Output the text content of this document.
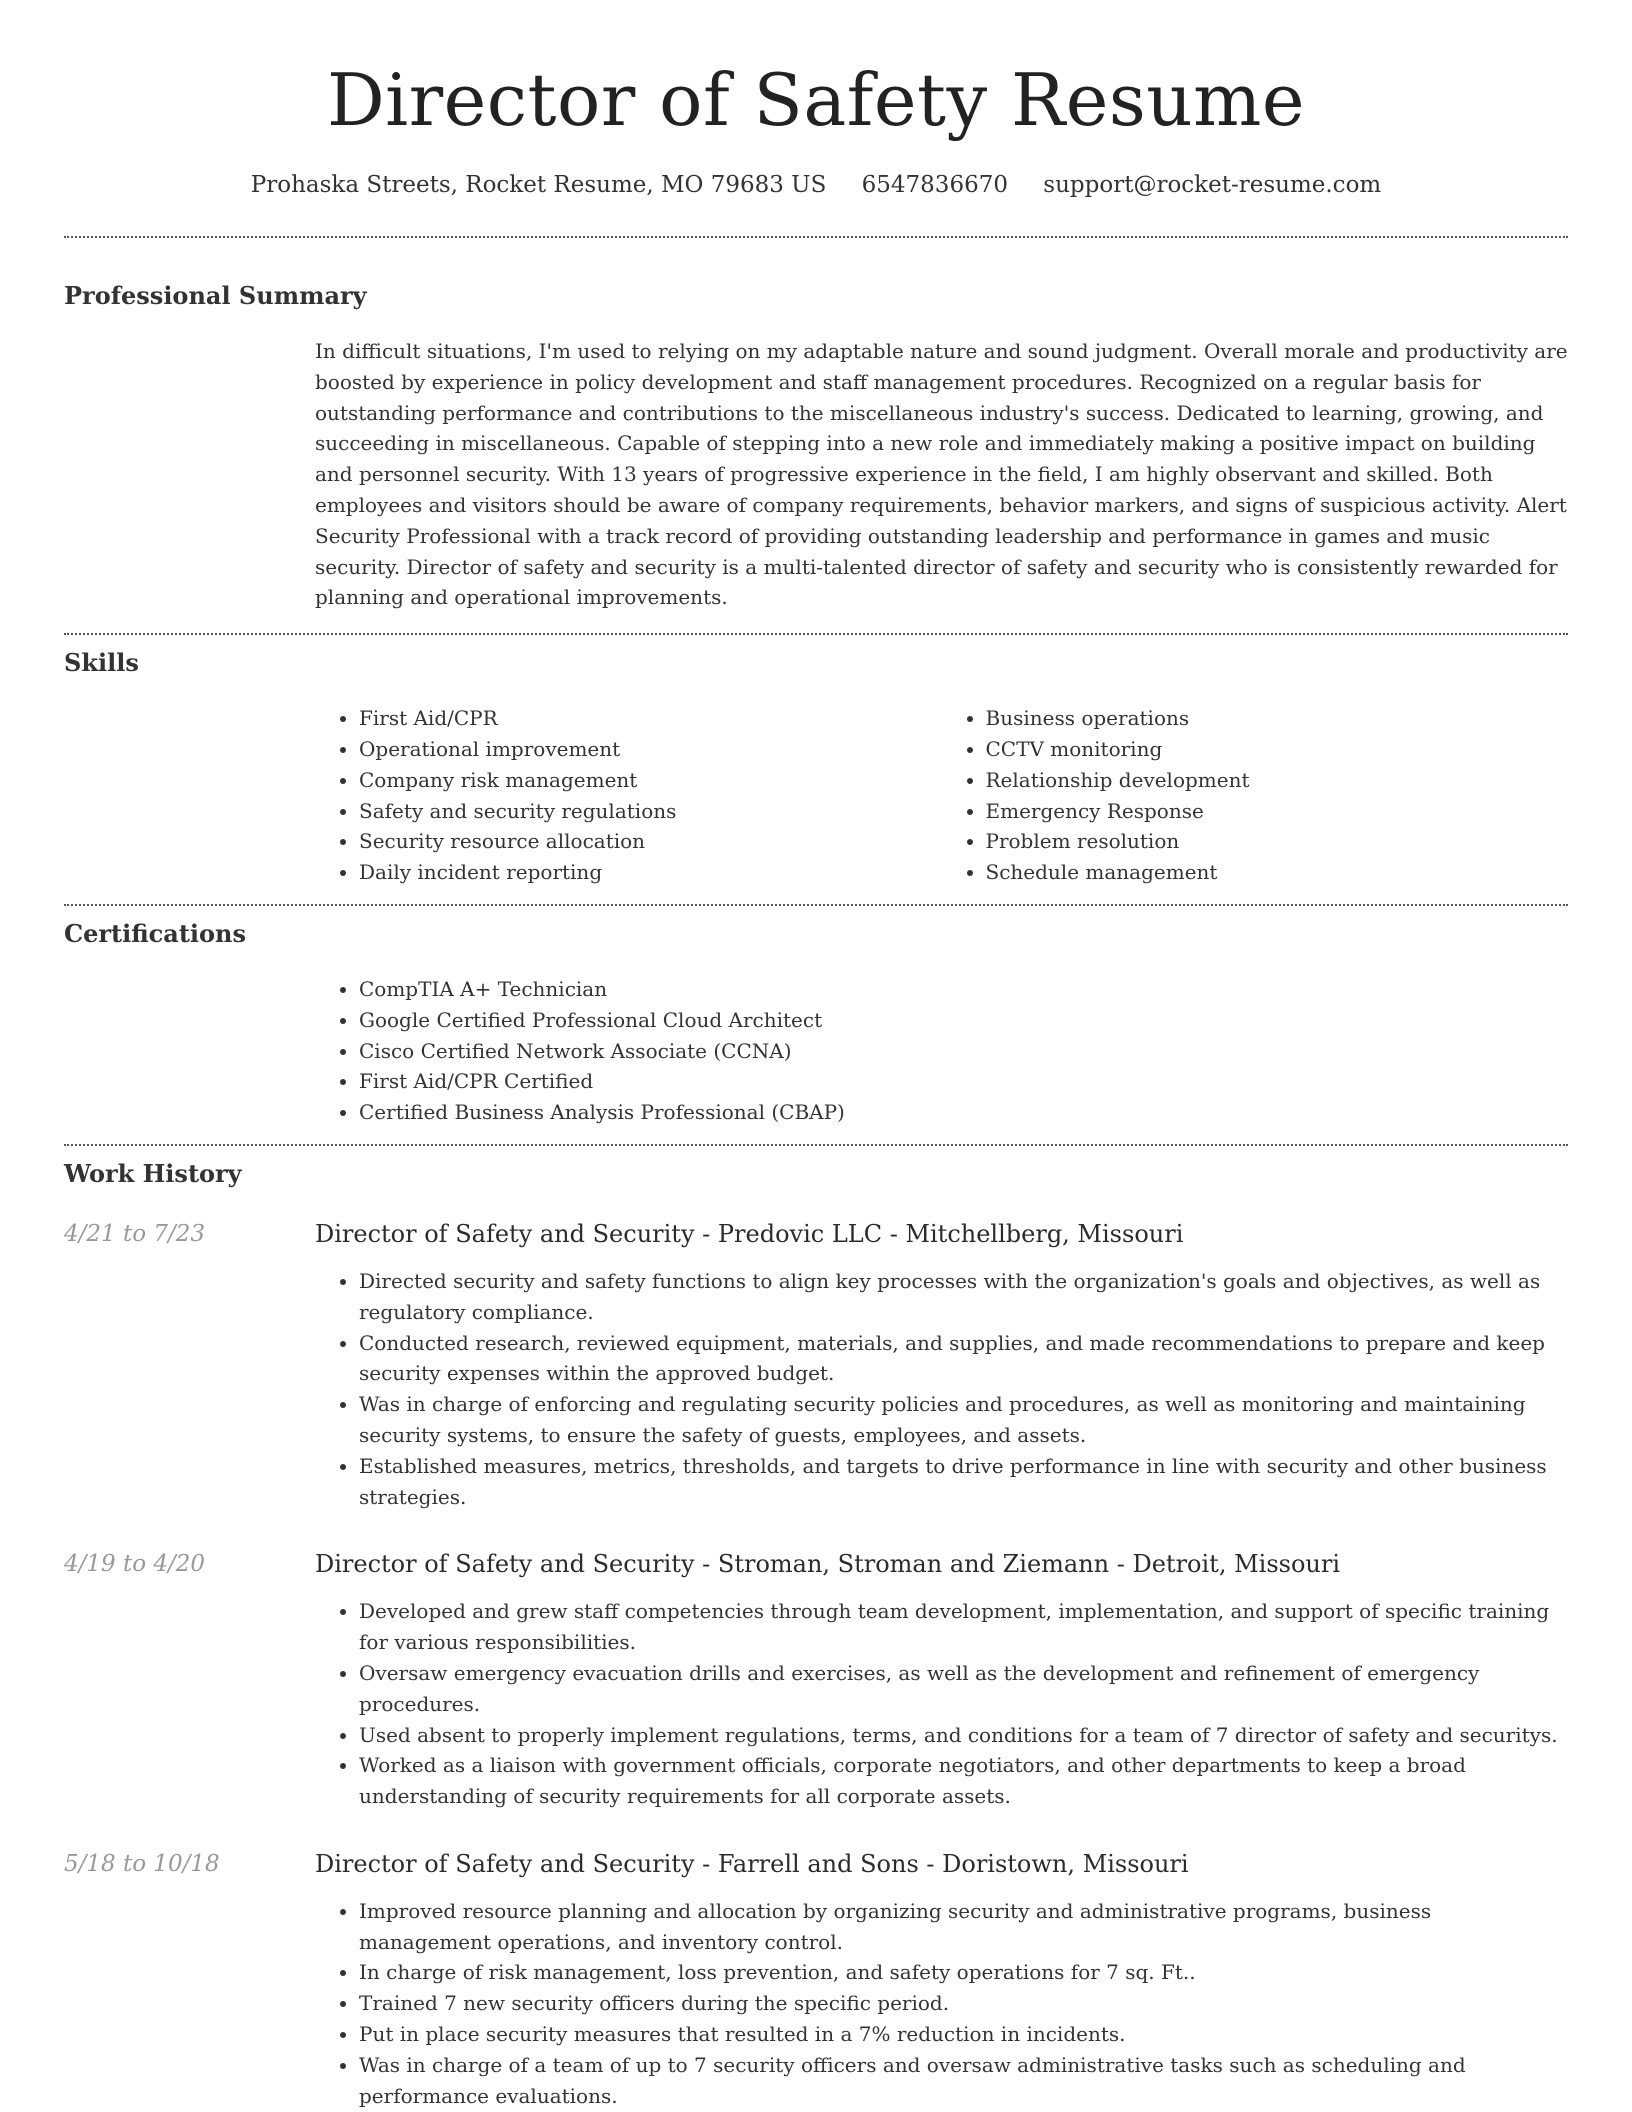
Director of Safety Resume
Prohaska Streets, Rocket Resume, MO 79683 US 6547836670 support@rocket-resume.com
Professional Summary
In difficult situations, I'm used to relying on my adaptable nature and sound judgment. Overall morale and productivity are boosted by experience in policy development and staff management procedures. Recognized on a regular basis for outstanding performance and contributions to the miscellaneous industry's success. Dedicated to learning, growing, and succeeding in miscellaneous. Capable of stepping into a new role and immediately making a positive impact on building and personnel security. With 13 years of progressive experience in the field, I am highly observant and skilled. Both employees and visitors should be aware of company requirements, behavior markers, and signs of suspicious activity. Alert Security Professional with a track record of providing outstanding leadership and performance in games and music security. Director of safety and security is a multi-talented director of safety and security who is consistently rewarded for planning and operational improvements.
Skills
• First Aid/CPR
• Operational improvement
• Company risk management
• Safety and security regulations
• Security resource allocation
• Daily incident reporting
• Business operations
• CCTV monitoring
• Relationship development
• Emergency Response
• Problem resolution
• Schedule management
Certifications
• CompTIA A+ Technician
• Google Certified Professional Cloud Architect
• Cisco Certified Network Associate (CCNA)
• First Aid/CPR Certified
• Certified Business Analysis Professional (CBAP)
Work History
4/21 to 7/23	Director of Safety and Security - Predovic LLC - Mitchellberg, Missouri
• Directed security and safety functions to align key processes with the organization's goals and objectives, as well as regulatory compliance.
• Conducted research, reviewed equipment, materials, and supplies, and made recommendations to prepare and keep security expenses within the approved budget.
• Was in charge of enforcing and regulating security policies and procedures, as well as monitoring and maintaining security systems, to ensure the safety of guests, employees, and assets.
• Established measures, metrics, thresholds, and targets to drive performance in line with security and other business strategies.
4/19 to 4/20	Director of Safety and Security - Stroman, Stroman and Ziemann - Detroit, Missouri
• Developed and grew staff competencies through team development, implementation, and support of specific training for various responsibilities.
• Oversaw emergency evacuation drills and exercises, as well as the development and refinement of emergency procedures.
• Used absent to properly implement regulations, terms, and conditions for a team of 7 director of safety and securitys.
• Worked as a liaison with government officials, corporate negotiators, and other departments to keep a broad understanding of security requirements for all corporate assets.
5/18 to 10/18	Director of Safety and Security - Farrell and Sons - Doristown, Missouri
• Improved resource planning and allocation by organizing security and administrative programs, business management operations, and inventory control.
• In charge of risk management, loss prevention, and safety operations for 7 sq. Ft..
• Trained 7 new security officers during the specific period.
• Put in place security measures that resulted in a 7% reduction in incidents.
• Was in charge of a team of up to 7 security officers and oversaw administrative tasks such as scheduling and performance evaluations.
